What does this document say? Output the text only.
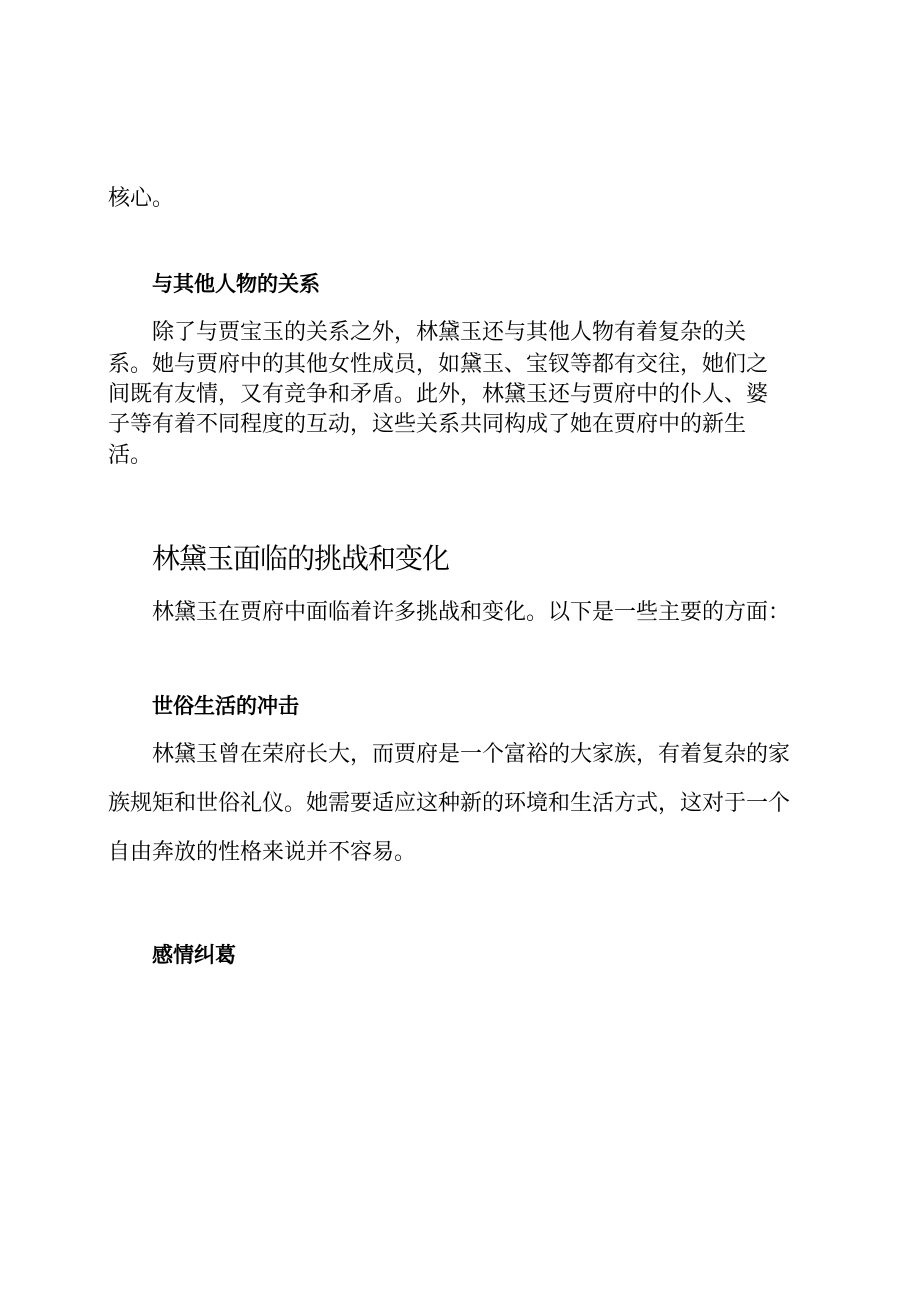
核心。
与其他人物的关系
除了与贾宝玉的关系之外，林黛玉还与其他人物有着复杂的关
系。她与贾府中的其他女性成员，如黛玉、宝钗等都有交往，她们之
间既有友情，又有竞争和矛盾。此外，林黛玉还与贾府中的仆人、婆
子等有着不同程度的互动，这些关系共同构成了她在贾府中的新生
活。
林黛玉面临的挑战和变化
林黛玉在贾府中面临着许多挑战和变化。以下是一些主要的方面：
世俗生活的冲击
林黛玉曾在荣府长大，而贾府是一个富裕的大家族，有着复杂的家
族规矩和世俗礼仪。她需要适应这种新的环境和生活方式，这对于一个
自由奔放的性格来说并不容易。
感情纠葛
